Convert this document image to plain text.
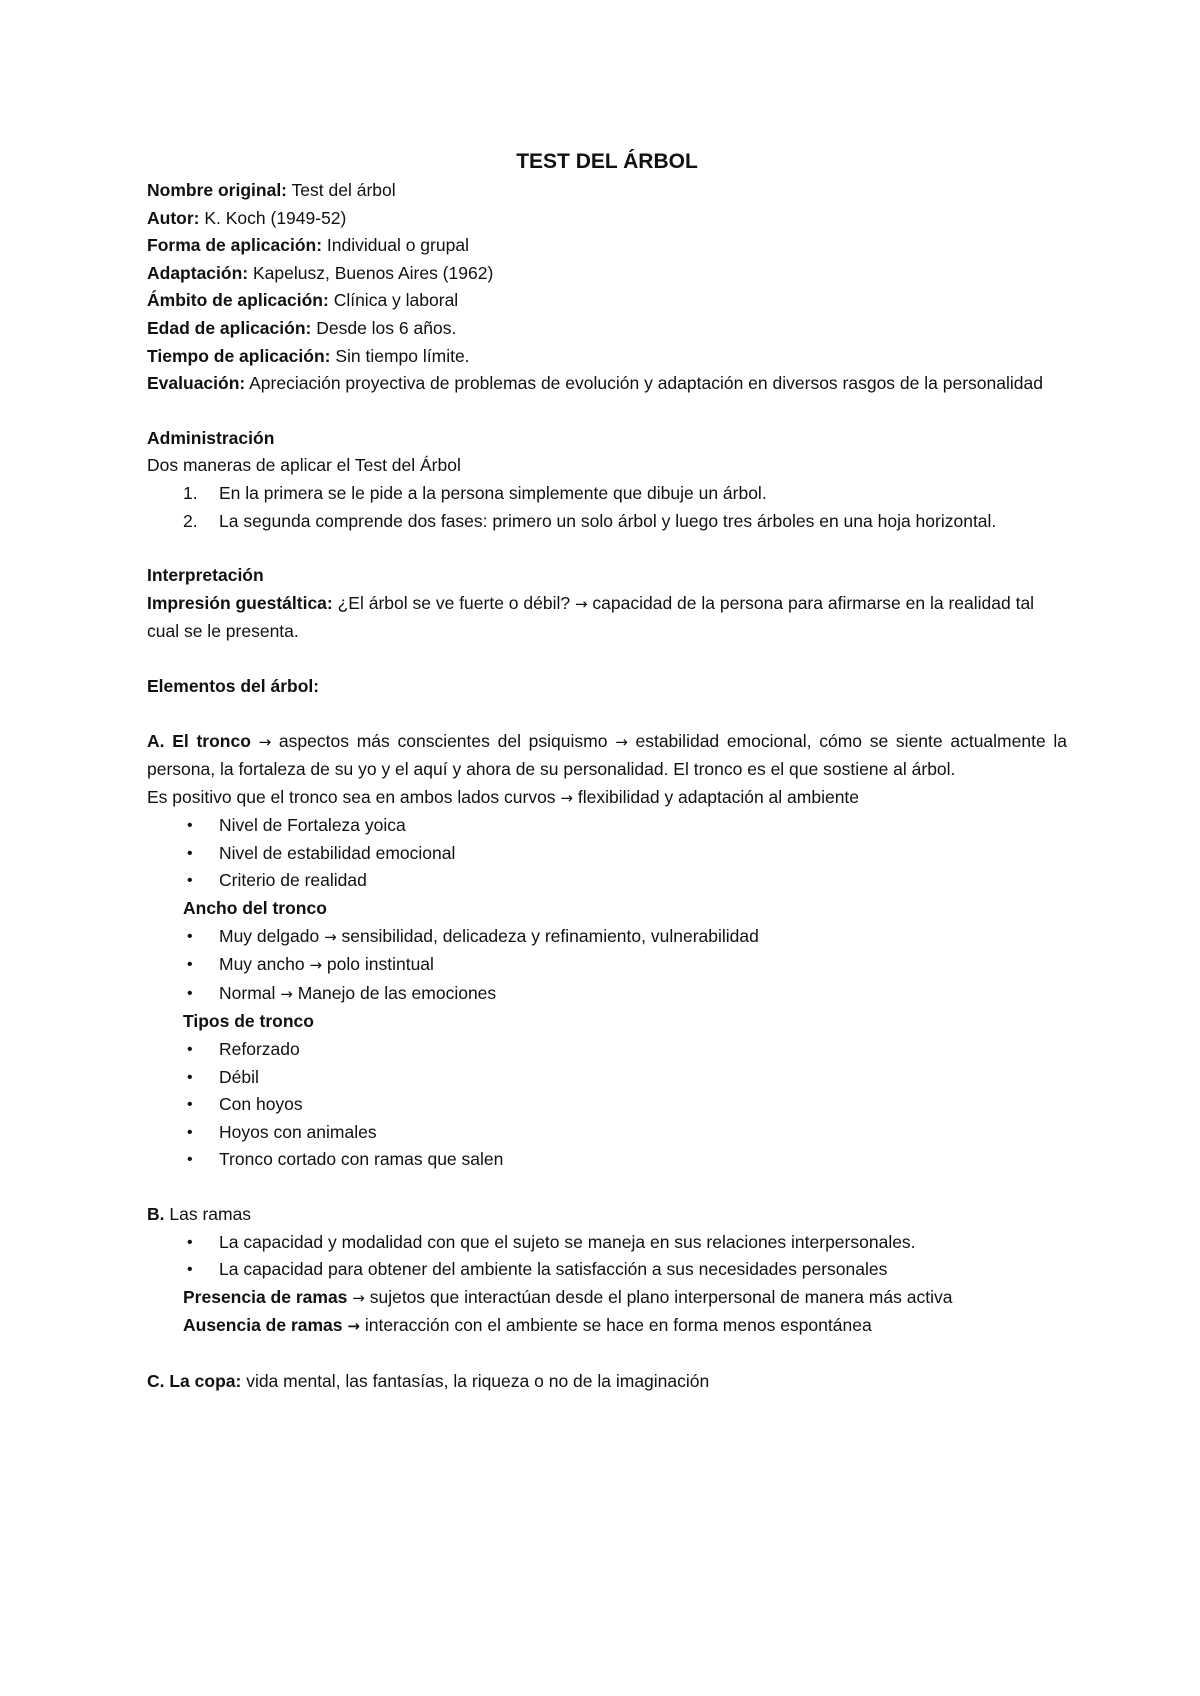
TEST DEL ÁRBOL

Nombre original: Test del árbol

Autor: K. Koch (1949-52)

Forma de aplicación: Individual o grupal

Adaptación: Kapelusz, Buenos Aires (1962)

Ámbito de aplicación: Clínica y laboral

Edad de aplicación: Desde los 6 años.

Tiempo de aplicación: Sin tiempo límite.

Evaluación: Apreciación proyectiva de problemas de evolución y adaptación en diversos rasgos de la personalidad

Administración

Dos maneras de aplicar el Test del Árbol

1. En la primera se le pide a la persona simplemente que dibuje un árbol.
2. La segunda comprende dos fases: primero un solo árbol y luego tres árboles en una hoja horizontal.

Interpretación

Impresión guestáltica: ¿El árbol se ve fuerte o débil? → capacidad de la persona para afirmarse en la realidad tal cual se le presenta.

Elementos del árbol:

A. El tronco → aspectos más conscientes del psiquismo → estabilidad emocional, cómo se siente actualmente la persona, la fortaleza de su yo y el aquí y ahora de su personalidad. El tronco es el que sostiene al árbol.

Es positivo que el tronco sea en ambos lados curvos → flexibilidad y adaptación al ambiente

• Nivel de Fortaleza yoica
• Nivel de estabilidad emocional
• Criterio de realidad

Ancho del tronco

• Muy delgado → sensibilidad, delicadeza y refinamiento, vulnerabilidad
• Muy ancho → polo instintual
• Normal → Manejo de las emociones

Tipos de tronco

• Reforzado
• Débil
• Con hoyos
• Hoyos con animales
• Tronco cortado con ramas que salen

B. Las ramas

• La capacidad y modalidad con que el sujeto se maneja en sus relaciones interpersonales.
• La capacidad para obtener del ambiente la satisfacción a sus necesidades personales

Presencia de ramas → sujetos que interactúan desde el plano interpersonal de manera más activa

Ausencia de ramas → interacción con el ambiente se hace en forma menos espontánea

C. La copa: vida mental, las fantasías, la riqueza o no de la imaginación
